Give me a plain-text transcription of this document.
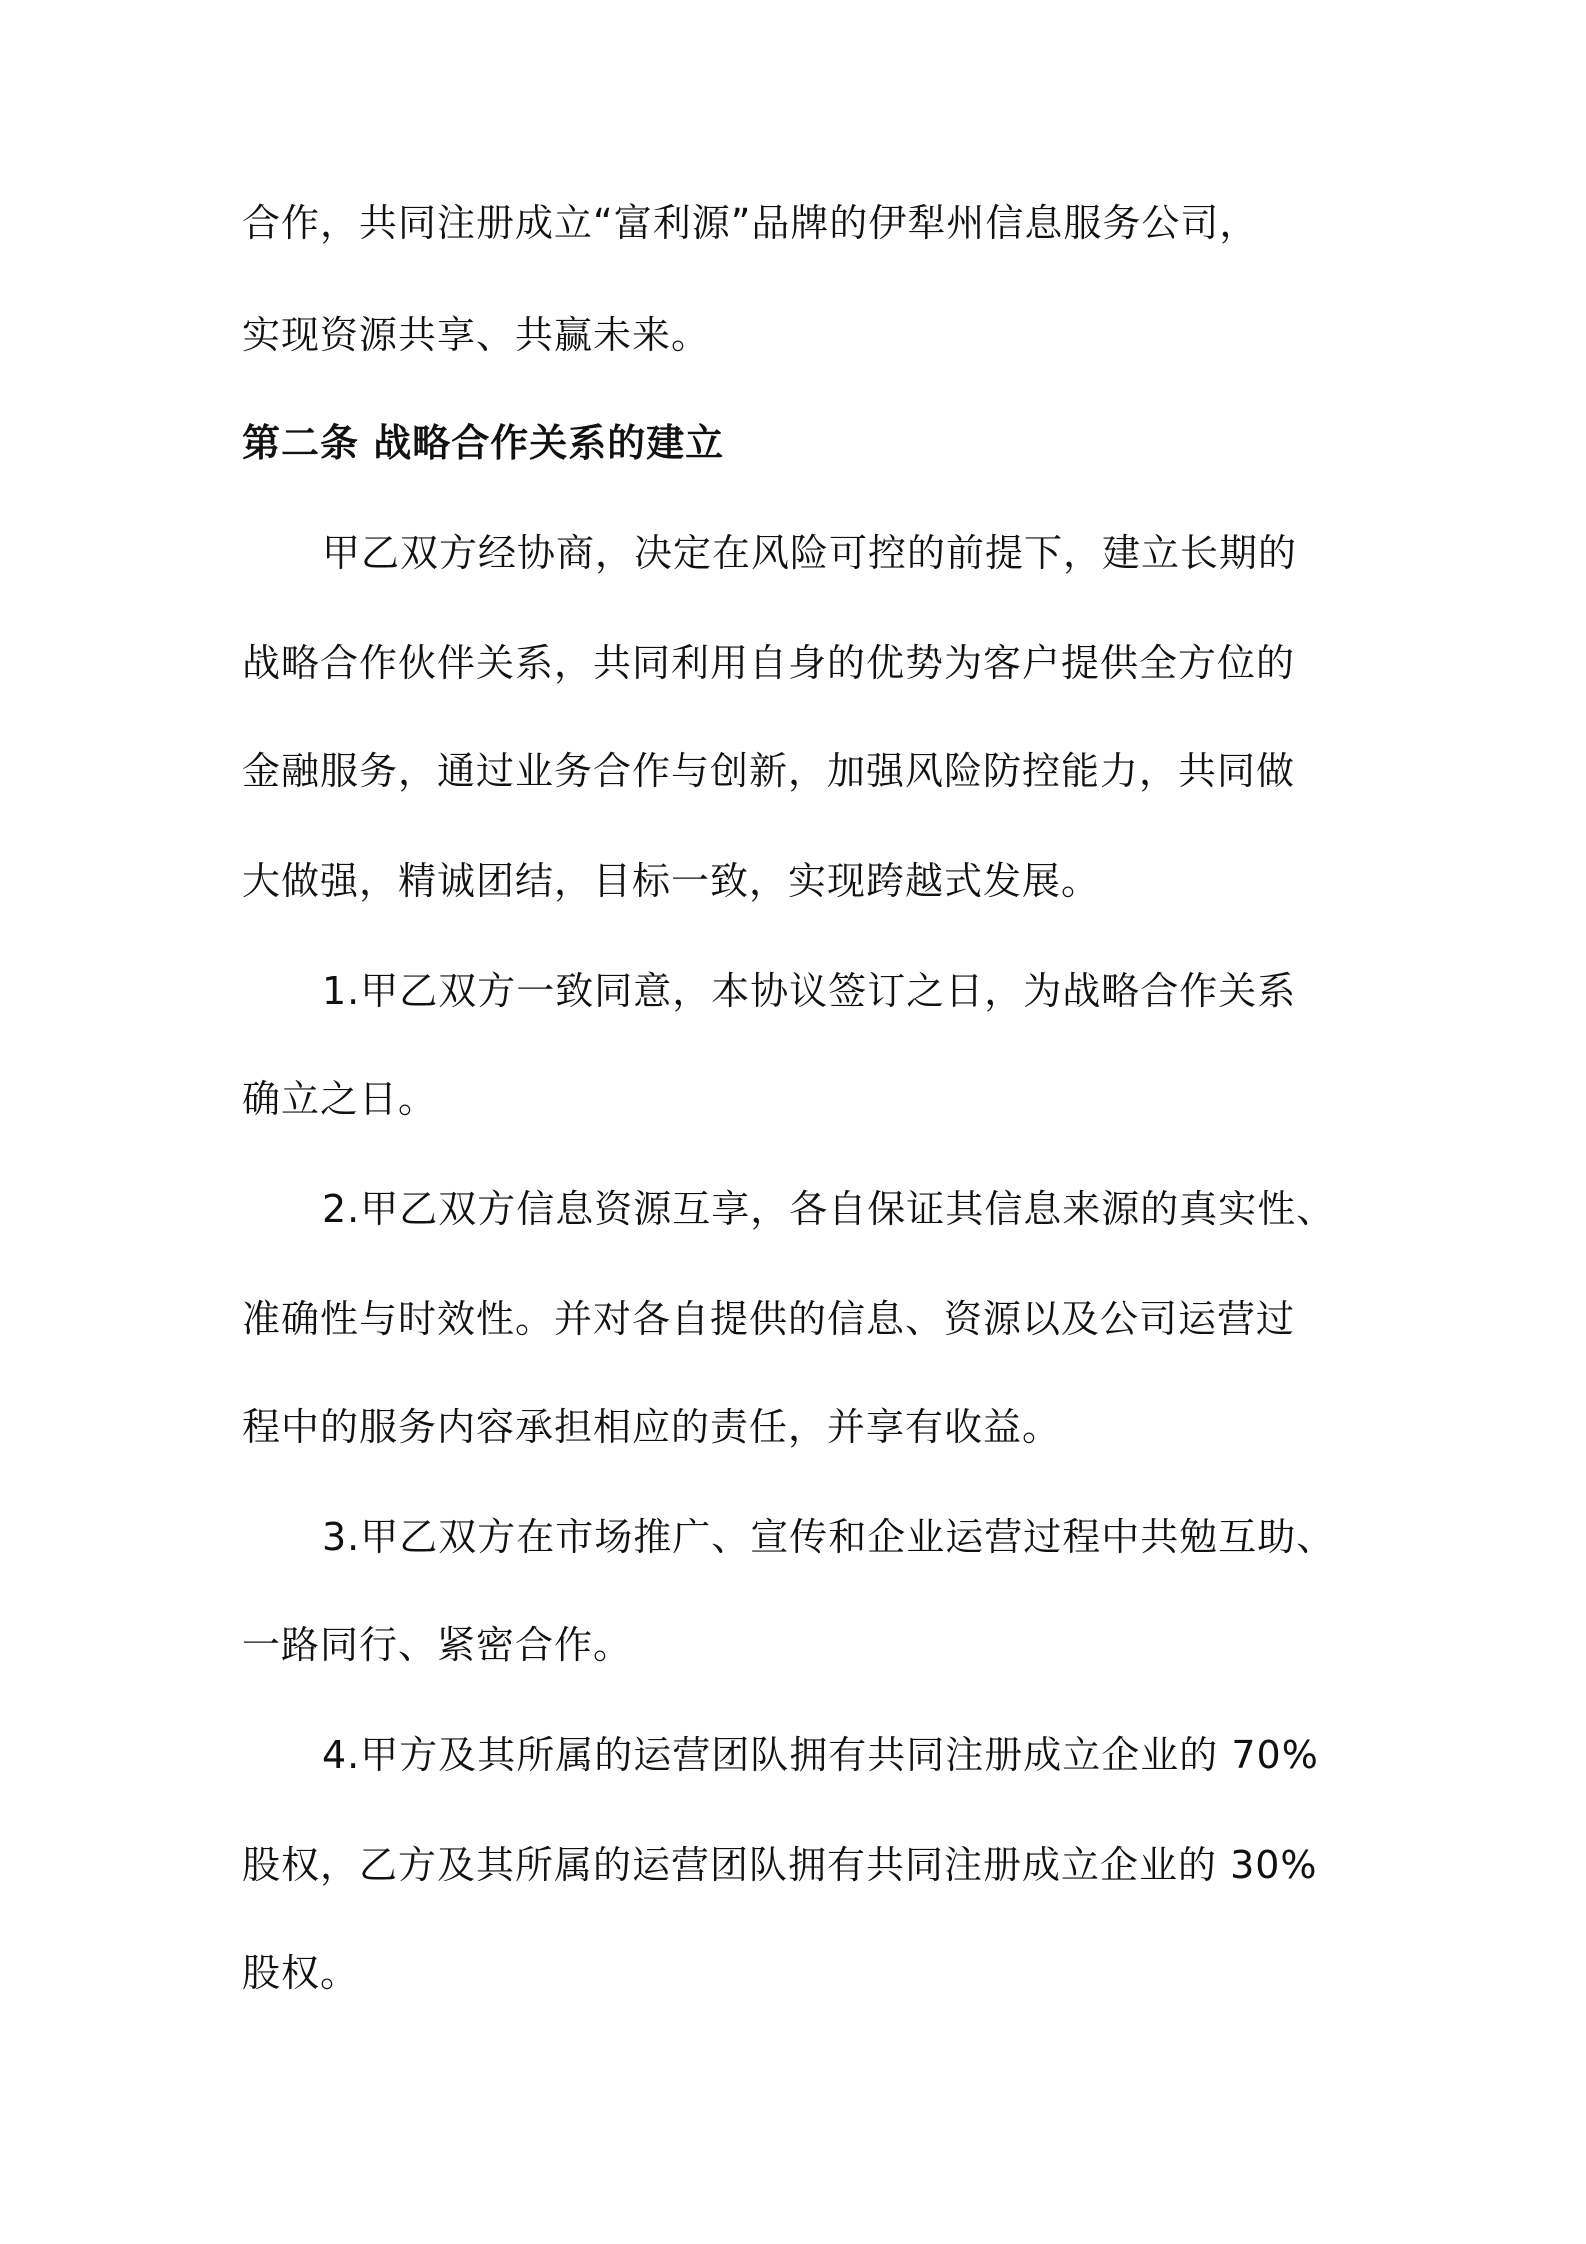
合作，共同注册成立“富利源”品牌的伊犁州信息服务公司，
实现资源共享、共赢未来。
第二条 战略合作关系的建立
甲乙双方经协商，决定在风险可控的前提下，建立长期的
战略合作伙伴关系，共同利用自身的优势为客户提供全方位的
金融服务，通过业务合作与创新，加强风险防控能力，共同做
大做强，精诚团结，目标一致，实现跨越式发展。
1.甲乙双方一致同意，本协议签订之日，为战略合作关系
确立之日。
2.甲乙双方信息资源互享，各自保证其信息来源的真实性、
准确性与时效性。并对各自提供的信息、资源以及公司运营过
程中的服务内容承担相应的责任，并享有收益。
3.甲乙双方在市场推广、宣传和企业运营过程中共勉互助、
一路同行、紧密合作。
4.甲方及其所属的运营团队拥有共同注册成立企业的 70%
股权，乙方及其所属的运营团队拥有共同注册成立企业的 30%
股权。
